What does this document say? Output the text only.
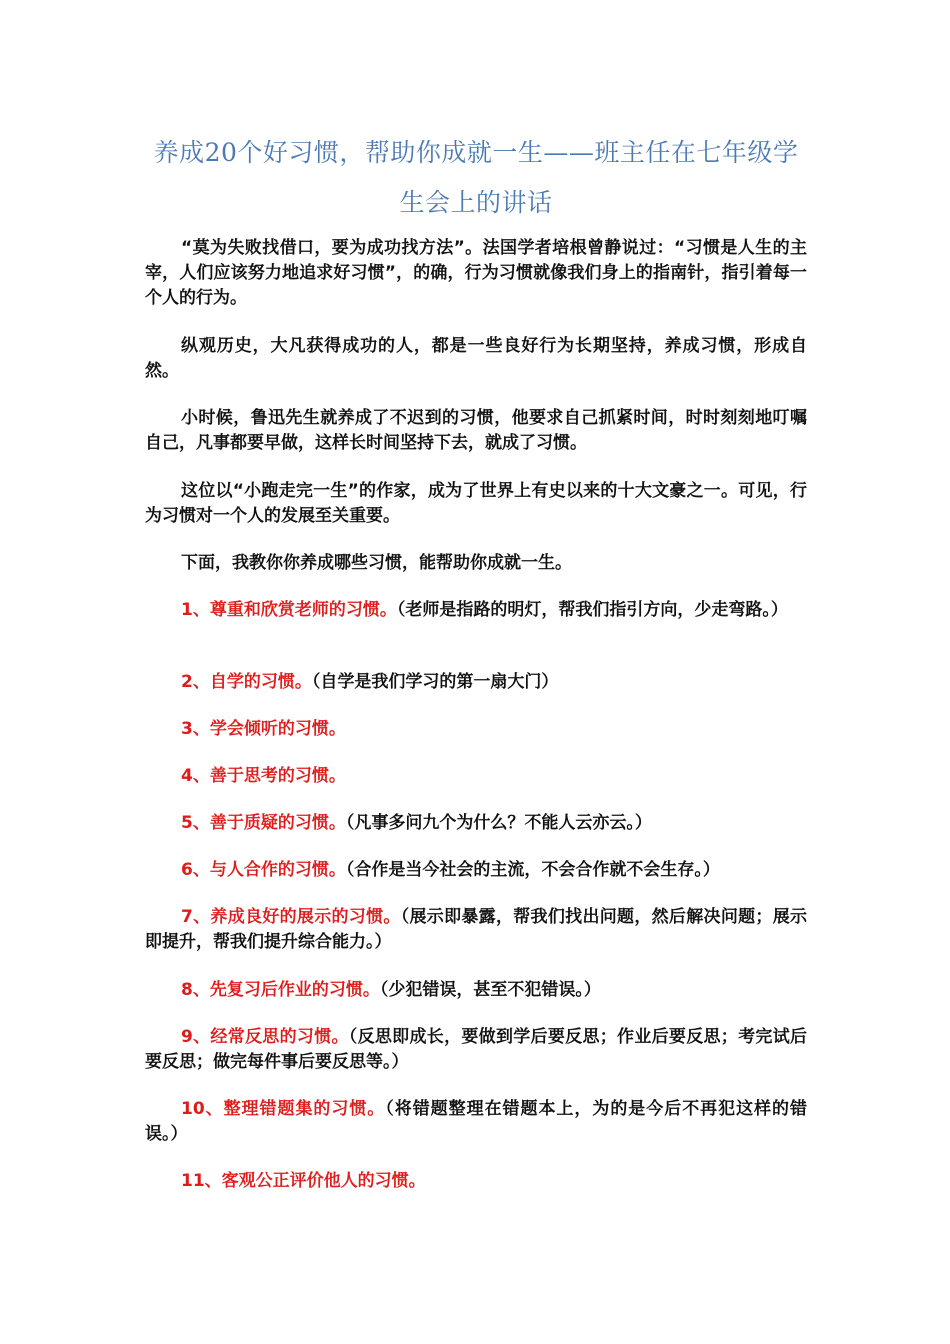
养成20个好习惯，帮助你成就一生——班主任在七年级学生会上的讲话

“莫为失败找借口，要为成功找方法”。法国学者培根曾静说过：“习惯是人生的主宰，人们应该努力地追求好习惯”，的确，行为习惯就像我们身上的指南针，指引着每一个人的行为。

纵观历史，大凡获得成功的人，都是一些良好行为长期坚持，养成习惯，形成自然。

小时候，鲁迅先生就养成了不迟到的习惯，他要求自己抓紧时间，时时刻刻地叮嘱自己，凡事都要早做，这样长时间坚持下去，就成了习惯。

这位以“小跑走完一生”的作家，成为了世界上有史以来的十大文豪之一。可见，行为习惯对一个人的发展至关重要。

下面，我教你你养成哪些习惯，能帮助你成就一生。

1、尊重和欣赏老师的习惯。（老师是指路的明灯，帮我们指引方向，少走弯路。）

2、自学的习惯。（自学是我们学习的第一扇大门）

3、学会倾听的习惯。

4、善于思考的习惯。

5、善于质疑的习惯。（凡事多问九个为什么？不能人云亦云。）

6、与人合作的习惯。（合作是当今社会的主流，不会合作就不会生存。）

7、养成良好的展示的习惯。（展示即暴露，帮我们找出问题，然后解决问题；展示即提升，帮我们提升综合能力。）

8、先复习后作业的习惯。（少犯错误，甚至不犯错误。）

9、经常反思的习惯。（反思即成长，要做到学后要反思；作业后要反思；考完试后要反思；做完每件事后要反思等。）

10、整理错题集的习惯。（将错题整理在错题本上，为的是今后不再犯这样的错误。）

11、客观公正评价他人的习惯。
